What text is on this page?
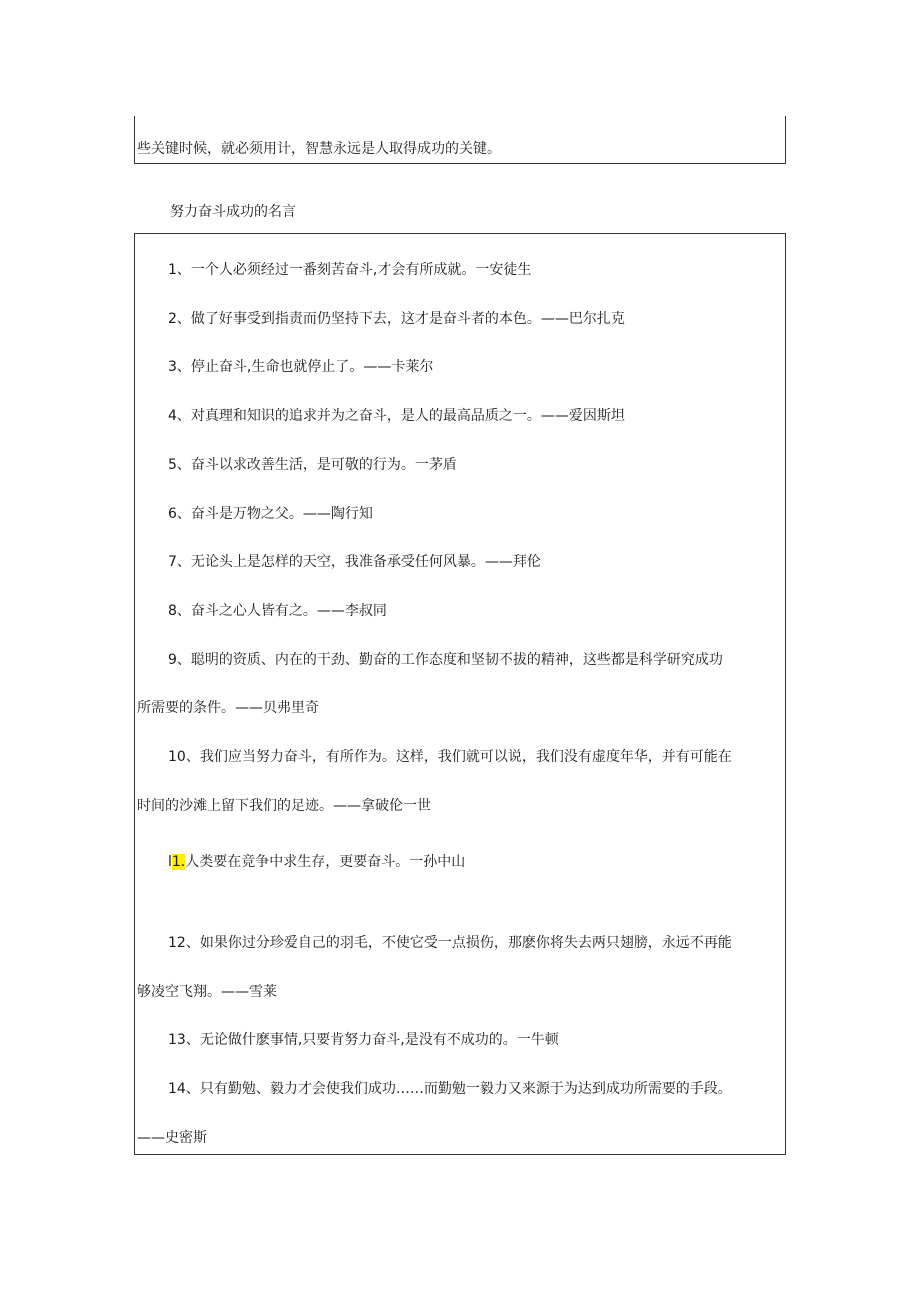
些关键时候，就必须用计，智慧永远是人取得成功的关键。
努力奋斗成功的名言
1、一个人必须经过一番刻苦奋斗,才会有所成就。一安徒生
2、做了好事受到指责而仍坚持下去，这才是奋斗者的本色。——巴尔扎克
3、停止奋斗,生命也就停止了。——卡莱尔
4、对真理和知识的追求并为之奋斗，是人的最高品质之一。——爱因斯坦
5、奋斗以求改善生活，是可敬的行为。一茅盾
6、奋斗是万物之父。——陶行知
7、无论头上是怎样的天空，我准备承受任何风暴。——拜伦
8、奋斗之心人皆有之。——李叔同
9、聪明的资质、内在的干劲、勤奋的工作态度和坚韧不拔的精神，这些都是科学研究成功
所需要的条件。——贝弗里奇
10、我们应当努力奋斗，有所作为。这样，我们就可以说，我们没有虚度年华，并有可能在
时间的沙滩上留下我们的足迹。——拿破伦一世
l1.人类要在竞争中求生存，更要奋斗。一孙中山
12、如果你过分珍爱自己的羽毛，不使它受一点损伤，那麽你将失去两只翅膀，永远不再能
够凌空飞翔。——雪莱
13、无论做什麽事情,只要肯努力奋斗,是没有不成功的。一牛顿
14、只有勤勉、毅力才会使我们成功……而勤勉一毅力又来源于为达到成功所需要的手段。
——史密斯
